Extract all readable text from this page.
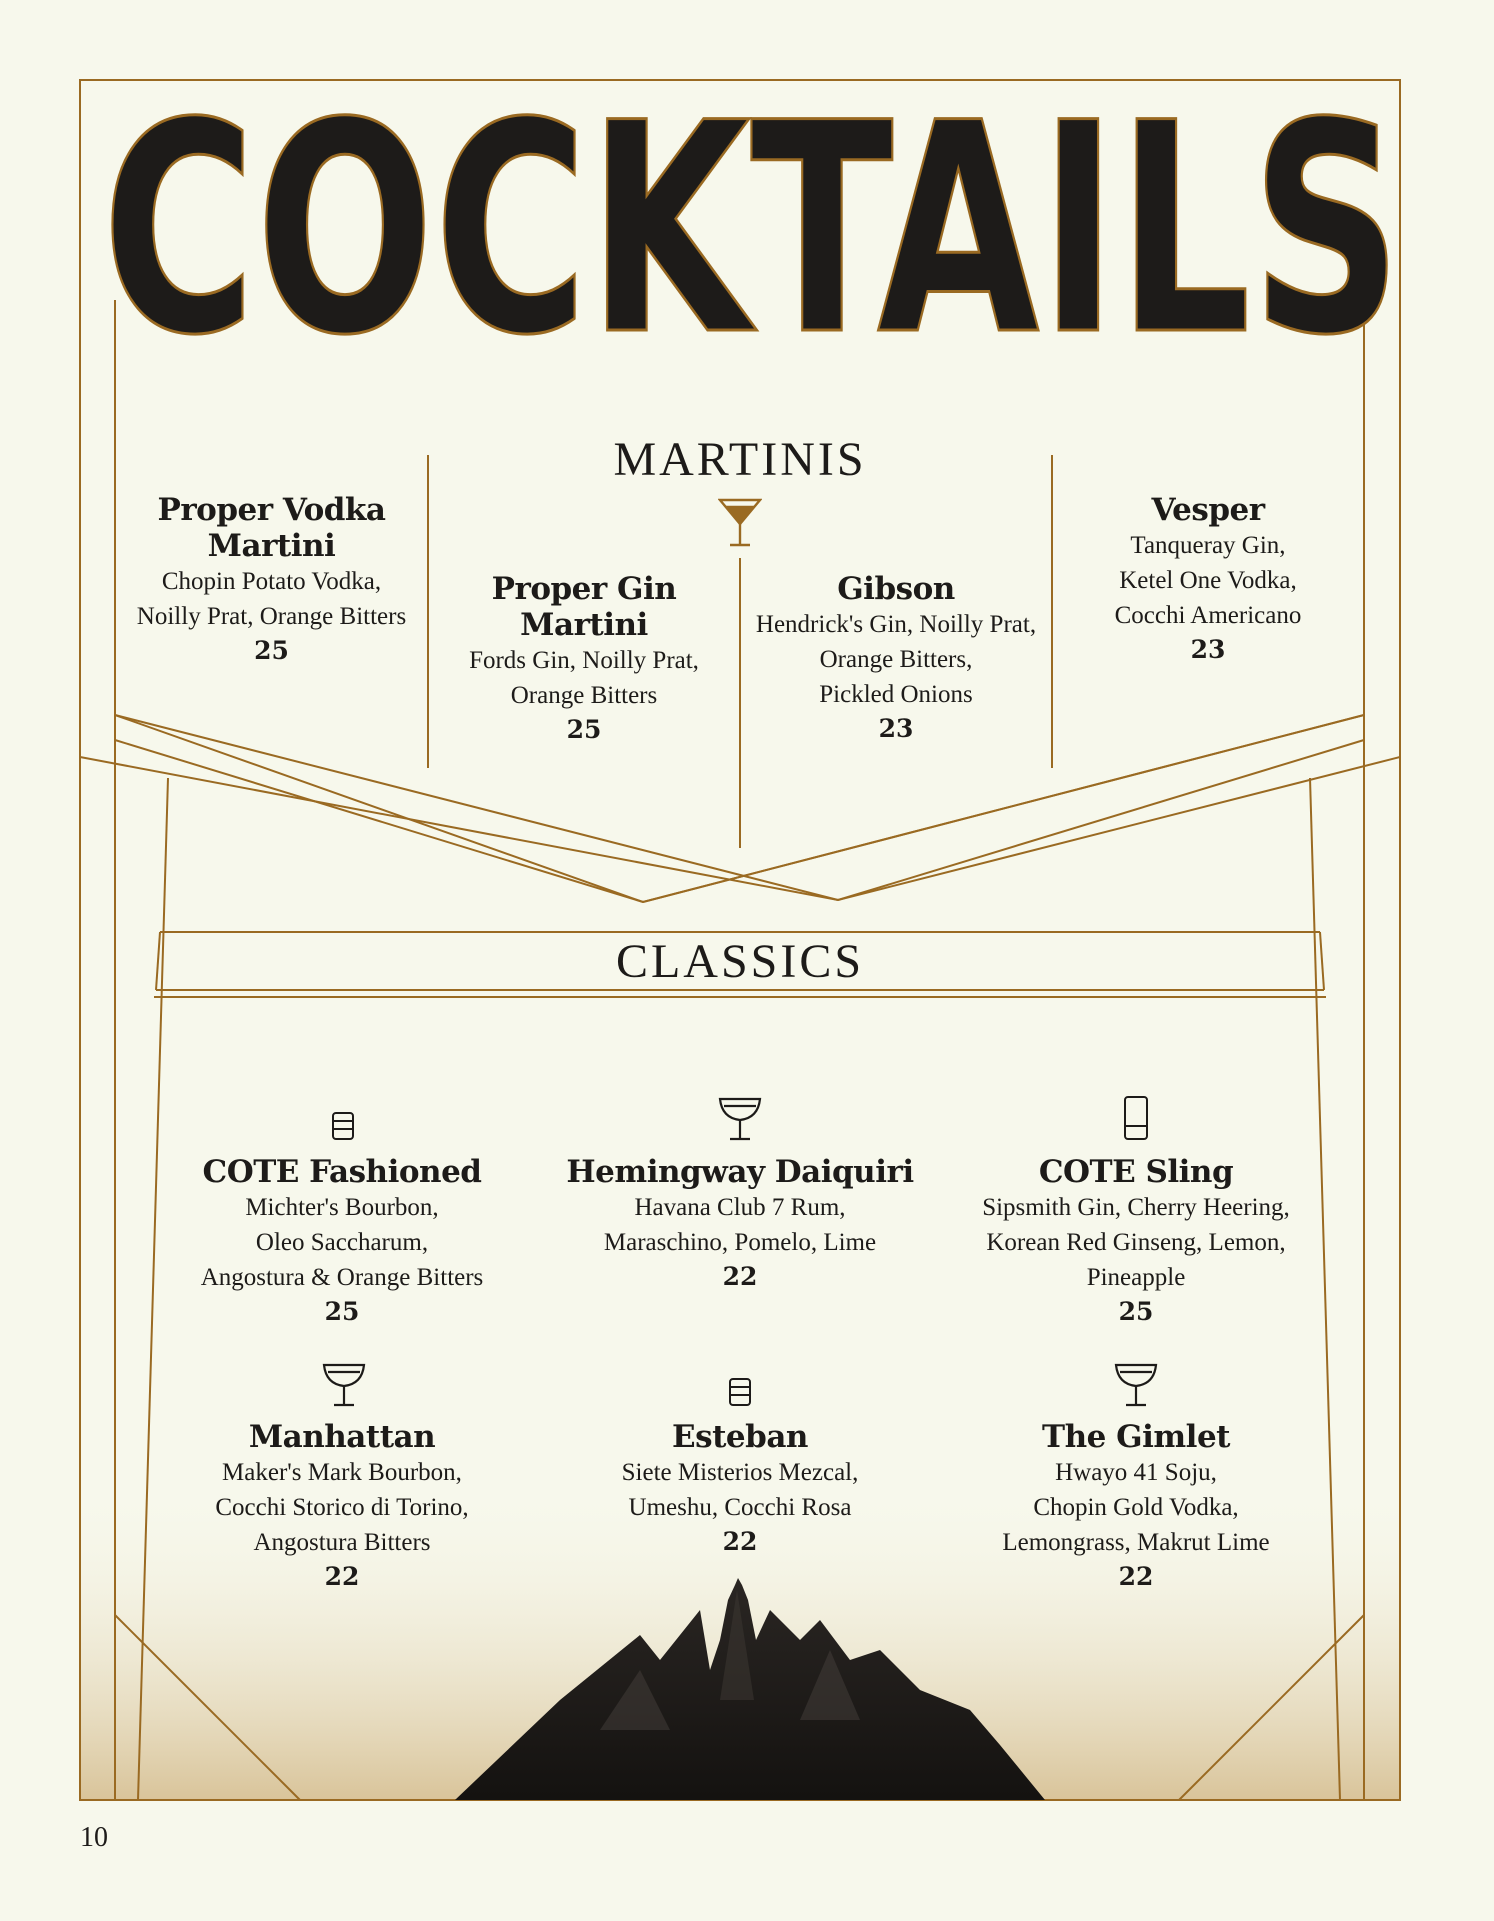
COCKTAILS
MARTINIS
Proper Vodka Martini
Chopin Potato Vodka,
Noilly Prat, Orange Bitters
25
Proper Gin Martini
Fords Gin, Noilly Prat,
Orange Bitters
25
Gibson
Hendrick's Gin, Noilly Prat,
Orange Bitters,
Pickled Onions
23
Vesper
Tanqueray Gin,
Ketel One Vodka,
Cocchi Americano
23
CLASSICS
COTE Fashioned
Michter's Bourbon,
Oleo Saccharum,
Angostura & Orange Bitters
25
Hemingway Daiquiri
Havana Club 7 Rum,
Maraschino, Pomelo, Lime
22
COTE Sling
Sipsmith Gin, Cherry Heering,
Korean Red Ginseng, Lemon,
Pineapple
25
Manhattan
Maker's Mark Bourbon,
Cocchi Storico di Torino,
Angostura Bitters
22
Esteban
Siete Misterios Mezcal,
Umeshu, Cocchi Rosa
22
The Gimlet
Hwayo 41 Soju,
Chopin Gold Vodka,
Lemongrass, Makrut Lime
22
10
